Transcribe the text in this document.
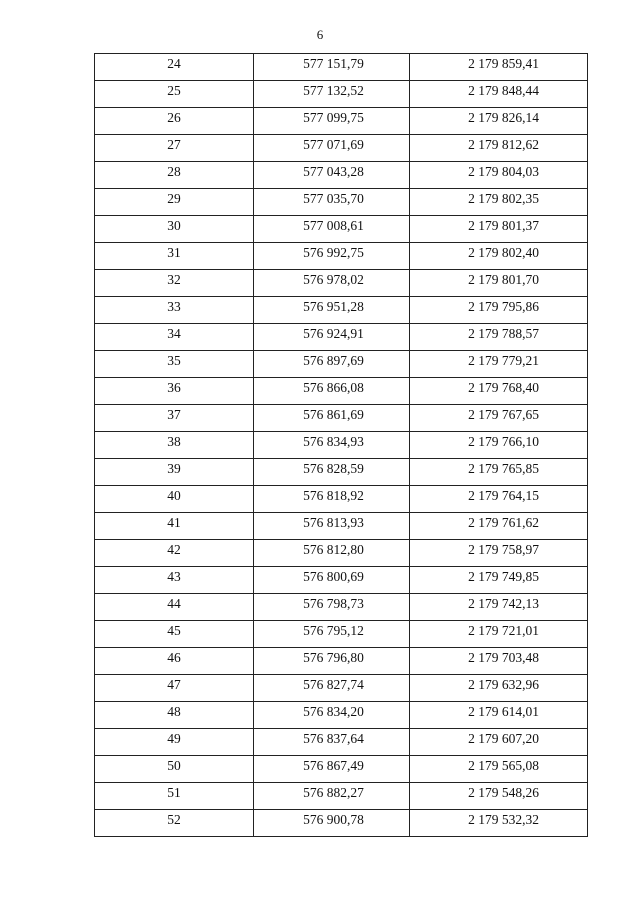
6
24	577 151,79	2 179 859,41
25	577 132,52	2 179 848,44
26	577 099,75	2 179 826,14
27	577 071,69	2 179 812,62
28	577 043,28	2 179 804,03
29	577 035,70	2 179 802,35
30	577 008,61	2 179 801,37
31	576 992,75	2 179 802,40
32	576 978,02	2 179 801,70
33	576 951,28	2 179 795,86
34	576 924,91	2 179 788,57
35	576 897,69	2 179 779,21
36	576 866,08	2 179 768,40
37	576 861,69	2 179 767,65
38	576 834,93	2 179 766,10
39	576 828,59	2 179 765,85
40	576 818,92	2 179 764,15
41	576 813,93	2 179 761,62
42	576 812,80	2 179 758,97
43	576 800,69	2 179 749,85
44	576 798,73	2 179 742,13
45	576 795,12	2 179 721,01
46	576 796,80	2 179 703,48
47	576 827,74	2 179 632,96
48	576 834,20	2 179 614,01
49	576 837,64	2 179 607,20
50	576 867,49	2 179 565,08
51	576 882,27	2 179 548,26
52	576 900,78	2 179 532,32
